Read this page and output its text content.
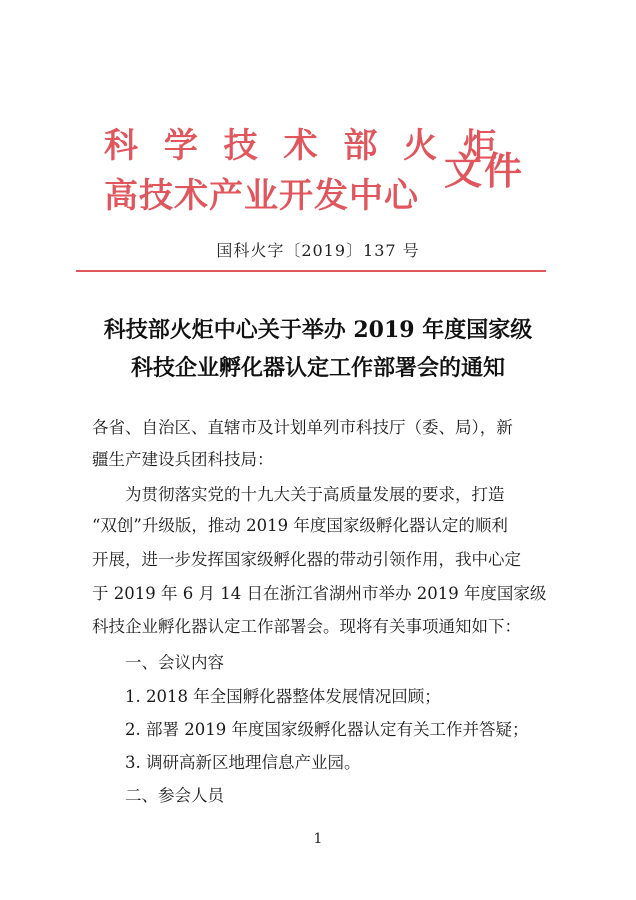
科 学 技 术 部 火 炬
高技术产业开发中心
文件
国科火字〔2019〕137 号
科技部火炬中心关于举办 2019 年度国家级
科技企业孵化器认定工作部署会的通知
各省、自治区、直辖市及计划单列市科技厅（委、局），新
疆生产建设兵团科技局：
为贯彻落实党的十九大关于高质量发展的要求，打造
“双创”升级版，推动 2019 年度国家级孵化器认定的顺利
开展，进一步发挥国家级孵化器的带动引领作用，我中心定
于 2019 年 6 月 14 日在浙江省湖州市举办 2019 年度国家级
科技企业孵化器认定工作部署会。现将有关事项通知如下：
一、会议内容
1. 2018 年全国孵化器整体发展情况回顾；
2. 部署 2019 年度国家级孵化器认定有关工作并答疑；
3. 调研高新区地理信息产业园。
二、参会人员
1
